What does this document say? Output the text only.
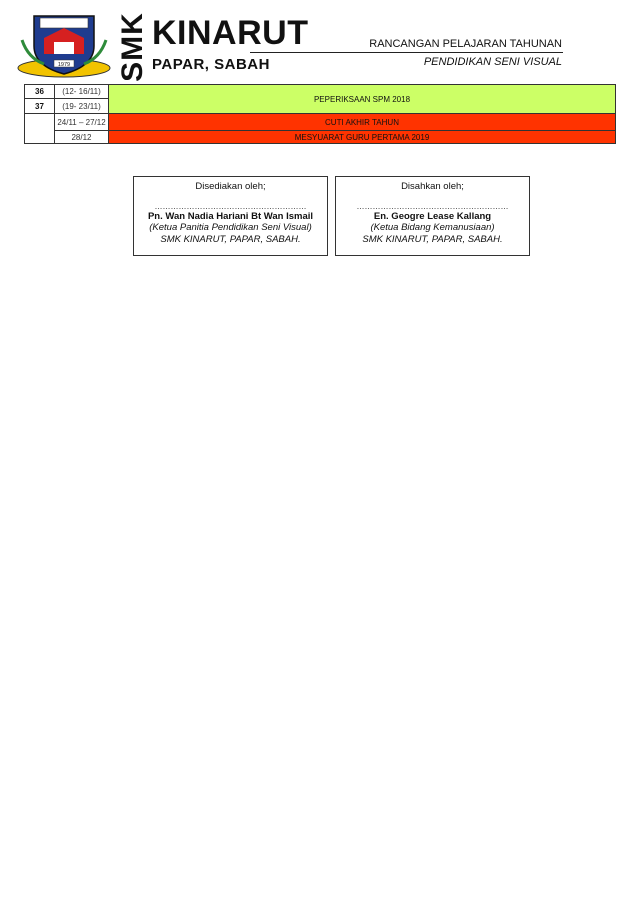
1979 SMK KINARUT
PAPAR, SABAH
RANCANGAN PELAJARAN TAHUNAN
PENDIDIKAN SENI VISUAL
36	(12- 16/11)	PEPERIKSAAN SPM 2018
37	(19- 23/11)	
	24/11 – 27/12	CUTI AKHIR TAHUN
	28/12	MESYUARAT GURU PERTAMA 2019
Disediakan oleh;
…………………………………………………
Pn. Wan Nadia Hariani Bt Wan Ismail
(Ketua Panitia Pendidikan Seni Visual)
SMK KINARUT, PAPAR, SABAH.
Disahkan oleh;
…………………………………………………
En. Geogre Lease Kallang
(Ketua Bidang Kemanusiaan)
SMK KINARUT, PAPAR, SABAH.
